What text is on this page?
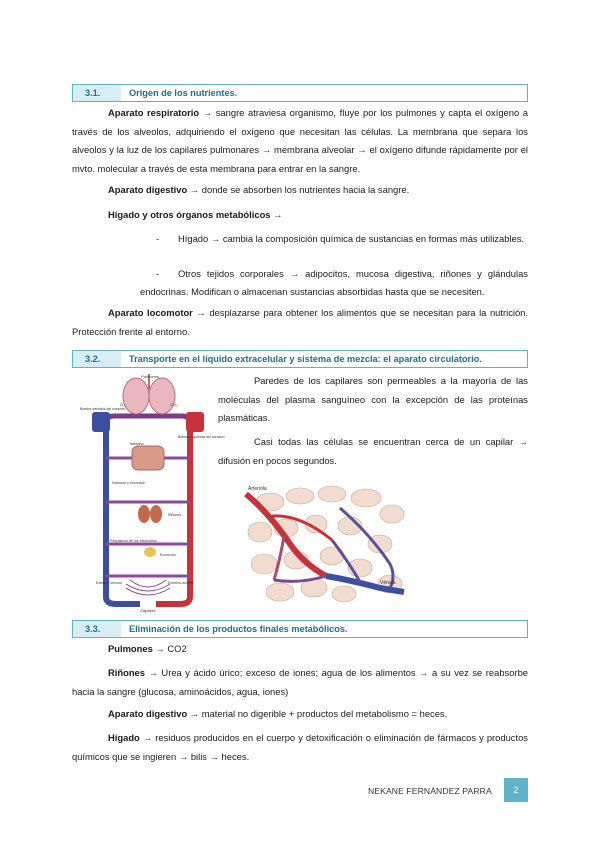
3.1.	Origen de los nutrientes.

Aparato respiratorio → sangre atraviesa organismo, fluye por los pulmones y capta el oxígeno a través de los alveolos, adquiriendo el oxígeno que necesitan las células. La membrana que separa los alveolos y la luz de los capilares pulmonares → membrana alveolar → el oxígeno difunde rápidamente por el mvto. molecular a través de esta membrana para entrar en la sangre.

Aparato digestivo → donde se absorben los nutrientes hacia la sangre.

Hígado y otros órganos metabólicos →

-	Hígado → cambia la composición química de sustancias en formas más utilizables.
-	Otros tejidos corporales → adipocitos, mucosa digestiva, riñones y glándulas endocrinas. Modifican o almacenan sustancias absorbidas hasta que se necesiten.

Aparato locomotor → desplazarse para obtener los alimentos que se necesitan para la nutrición. Protección frente al entorno.

3.2.	Transporte en el líquido extracelular y sistema de mezcla: el aparato circulatorio.

Paredes de los capilares son permeables a la mayoría de las moléculas del plasma sanguíneo con la excepción de las proteínas plasmáticas.

Casi todas las células se encuentran cerca de un capilar → difusión en pocos segundos.

Pulmones
O₂	CO₂
Bomba derecha del corazón
Bomba izquierda del corazón
Intestino
Nutrición y excreción
Riñones
Regulación de los electrolitos
Excreción
Extremo venoso	Extremo arterial
Capilares
Arteriola
Vénula
3.3.	Eliminación de los productos finales metabólicos.

Pulmones → CO2

Riñones → Urea y ácido úrico; exceso de iones; agua de los alimentos → a su vez se reabsorbe hacia la sangre (glucosa, aminoácidos, agua, iones)

Aparato digestivo → material no digerible + productos del metabolismo = heces.

Hígado → residuos producidos en el cuerpo y detoxificación o eliminación de fármacos y productos químicos que se ingieren → bilis → heces.

NEKANE FERNÁNDEZ PARRA	2
